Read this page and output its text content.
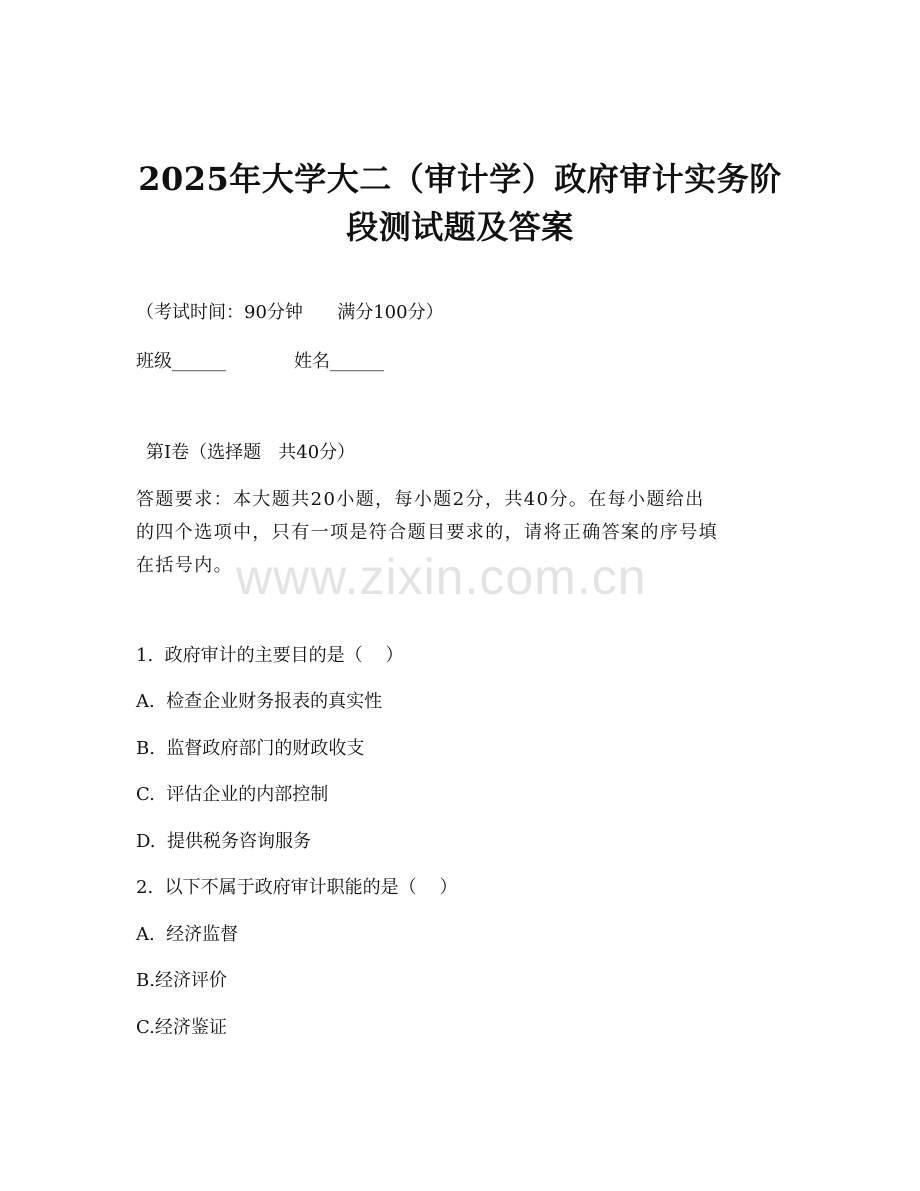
2025年大学大二（审计学）政府审计实务阶
段测试题及答案
（考试时间：90分钟      满分100分）
班级______	姓名______
第Ⅰ卷（选择题   共40分）
答题要求：本大题共20小题，每小题2分，共40分。在每小题给出
的四个选项中，只有一项是符合题目要求的，请将正确答案的序号填
在括号内。 www.zixin.com.cn
1.  政府审计的主要目的是（    ）
A.  检查企业财务报表的真实性
B.  监督政府部门的财政收支
C.  评估企业的内部控制
D.  提供税务咨询服务
2.  以下不属于政府审计职能的是（    ）
A.  经济监督
B.经济评价
C.经济鉴证
